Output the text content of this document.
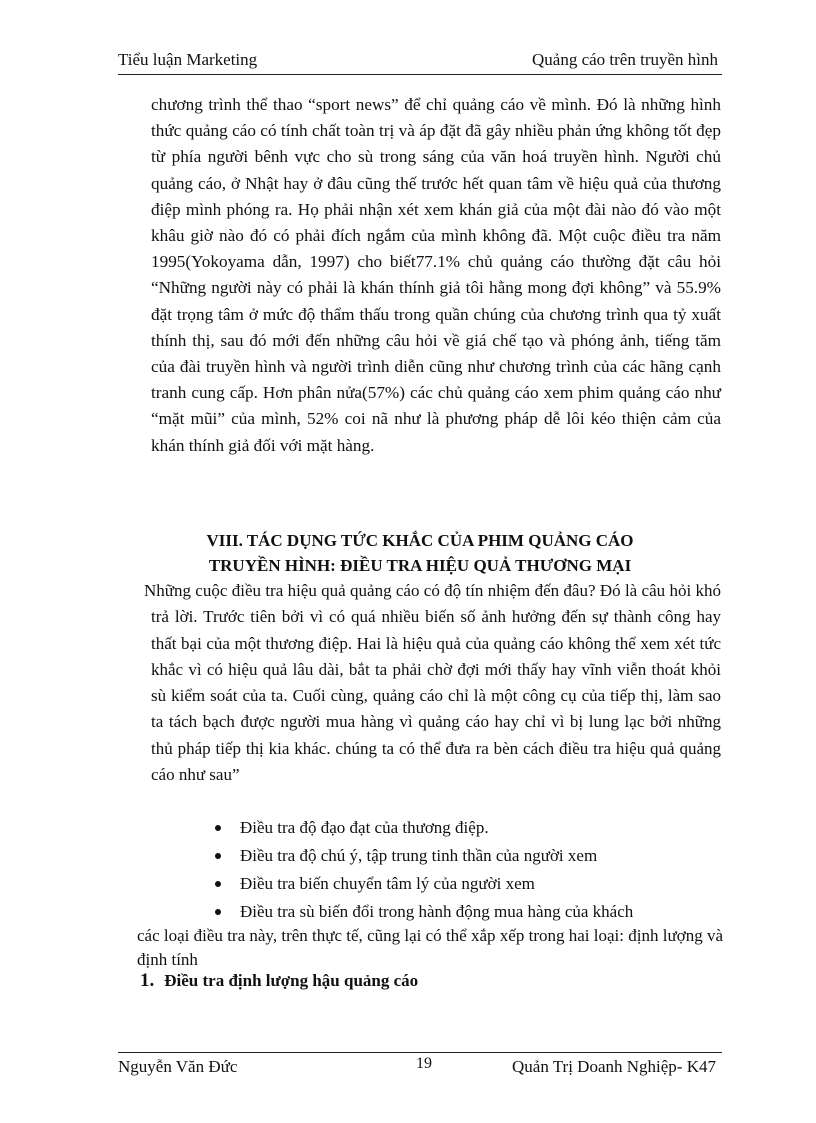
Tiểu luận Marketing	Quảng cáo trên truyền hình

chương trình thể thao “sport news” để chỉ quảng cáo về mình. Đó là những hình thức quảng cáo có tính chất toàn trị và áp đặt đã gây nhiều phản ứng không tốt đẹp từ phía người bênh vực cho sù trong sáng của văn hoá truyền hình. Người chủ quảng cáo, ở Nhật hay ở đâu cũng thế trước hết quan tâm về hiệu quả của thương điệp mình phóng ra. Họ phải nhận xét xem khán giả của một đài nào đó vào một khâu giờ nào đó có phải đích ngắm của mình không đã. Một cuộc điều tra năm 1995(Yokoyama dẫn, 1997) cho biết77.1% chủ quảng cáo thường đặt câu hỏi “Những người này có phải là khán thính giả tôi hằng mong đợi không” và 55.9% đặt trọng tâm ở mức độ thẩm thấu trong quần chúng của chương trình qua tỷ xuất thính thị, sau đó mới đến những câu hỏi về giá chế tạo và phóng ảnh, tiếng tăm của đài truyền hình và người trình diễn cũng như chương trình của các hãng cạnh tranh cung cấp. Hơn phân nửa(57%) các chủ quảng cáo xem phim quảng cáo như “mặt mũi” của mình, 52% coi nã như là phương pháp dễ lôi kéo thiện cảm của khán thính giả đối với mặt hàng.

VIII. TÁC DỤNG TỨC KHẮC CỦA PHIM QUẢNG CÁO
TRUYỀN HÌNH: ĐIỀU TRA HIỆU QUẢ THƯƠNG MẠI

Những cuộc điều tra hiệu quả quảng cáo có độ tín nhiệm đến đâu? Đó là câu hỏi khó trả lời. Trước tiên bởi vì có quá nhiều biến số ảnh hưởng đến sự thành công hay thất bại của một thương điệp. Hai là hiệu quả của quảng cáo không thể xem xét tức khắc vì có hiệu quả lâu dài, bắt ta phải chờ đợi mới thấy hay vĩnh viễn thoát khỏi sù kiểm soát của ta. Cuối cùng, quảng cáo chỉ là một công cụ của tiếp thị, làm sao ta tách bạch được người mua hàng vì quảng cáo hay chỉ vì bị lung lạc bởi những thủ pháp tiếp thị kia khác. chúng ta có thể đưa ra bèn cách điều tra hiệu quả quảng cáo như sau”

Điều tra độ đạo đạt của thương điệp.
Điều tra độ chú ý, tập trung tinh thần của người xem
Điều tra biến chuyển tâm lý của người xem
Điều tra sù biến đổi trong hành động mua hàng của khách

các loại điều tra này, trên thực tế, cũng lại có thể xắp xếp trong hai loại: định lượng và định tính

1. Điều tra định lượng hậu quảng cáo
Nguyễn Văn Đức	19	Quản Trị Doanh Nghiệp- K47
